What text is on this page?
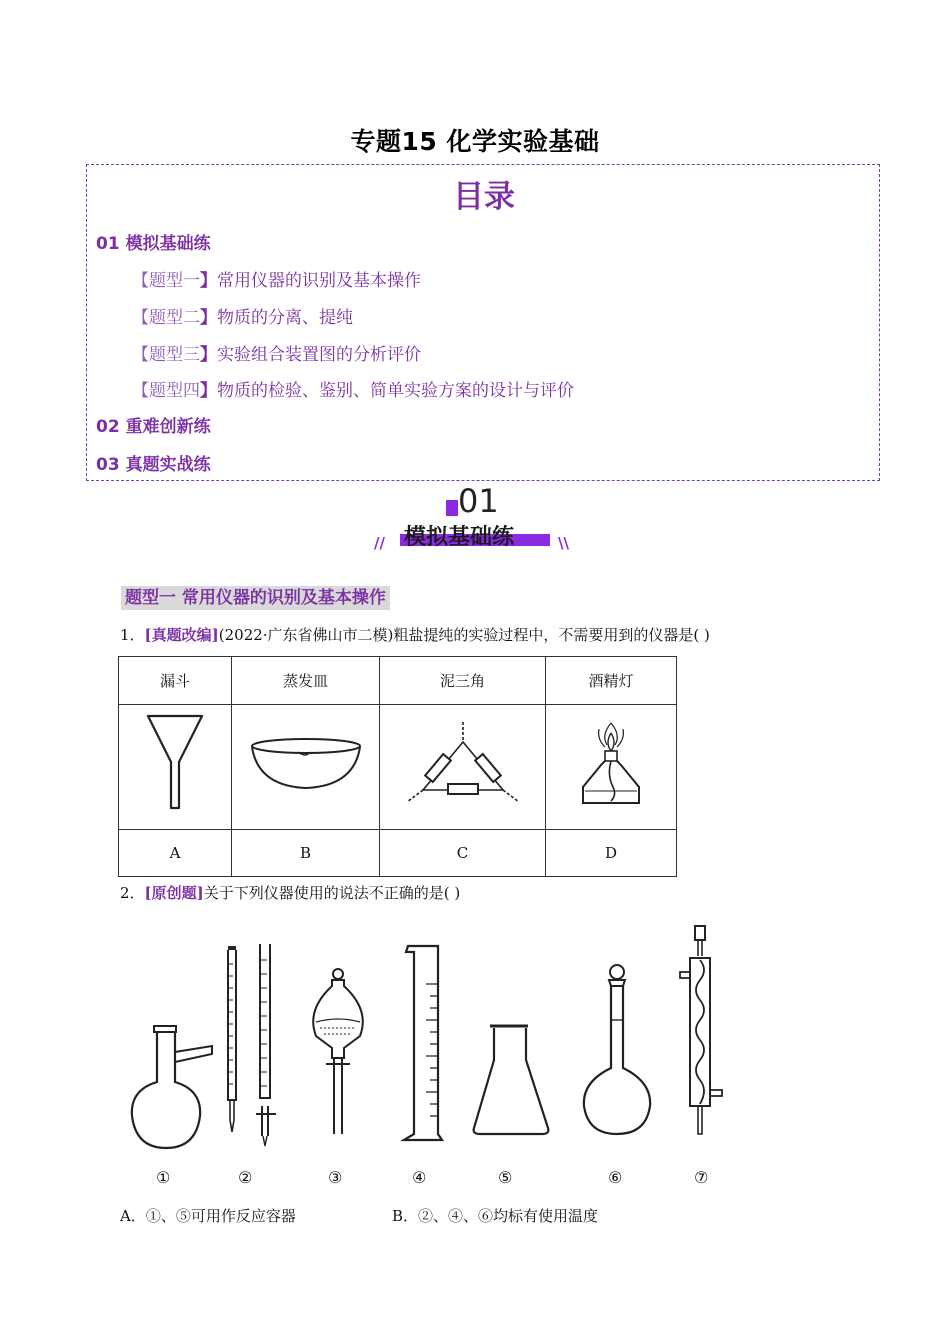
专题15 化学实验基础
目录
01 模拟基础练
【题型一】常用仪器的识别及基本操作
【题型二】物质的分离、提纯
【题型三】实验组合装置图的分析评价
【题型四】物质的检验、鉴别、简单实验方案的设计与评价
02 重难创新练
03 真题实战练
01
// 模拟基础练	\\
题型一 常用仪器的识别及基本操作
1．[真题改编](2022·广东省佛山市二模)粗盐提纯的实验过程中，不需要用到的仪器是( )
漏斗	蒸发皿	泥三角	酒精灯

A	B	C	D
2．[原创题]关于下列仪器使用的说法不正确的是( )
①	②	③	④	⑤	⑥	⑦
A．①、⑤可用作反应容器	B．②、④、⑥均标有使用温度
